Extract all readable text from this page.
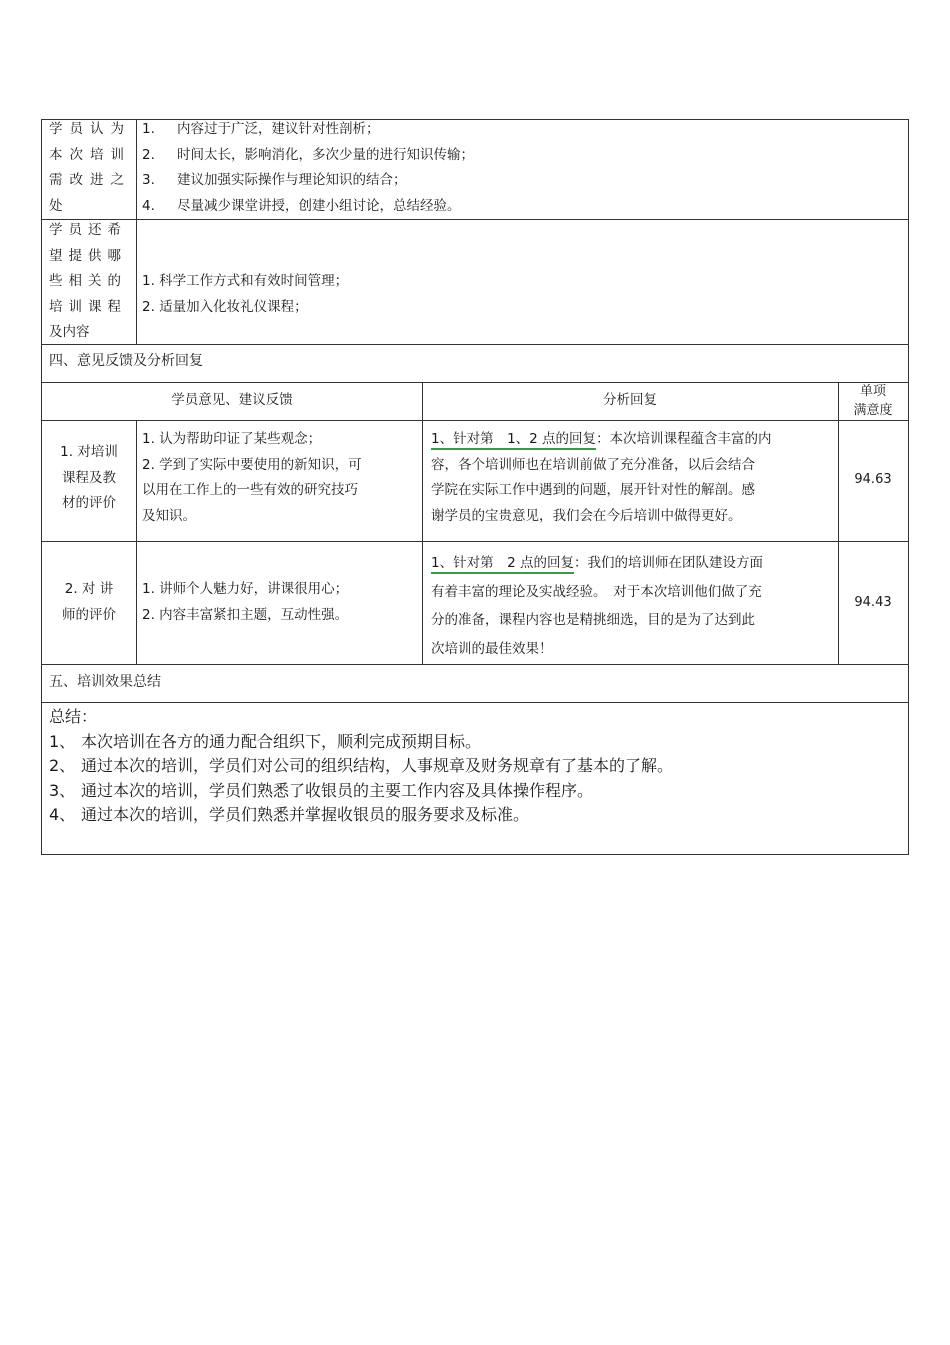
学员认为
本次培训
需改进之
处
1. 内容过于广泛，建议针对性剖析；
2. 时间太长，影响消化，多次少量的进行知识传输；
3. 建议加强实际操作与理论知识的结合；
4. 尽量减少课堂讲授，创建小组讨论，总结经验。
学员还希
望提供哪
些相关的
培训课程
及内容
1. 科学工作方式和有效时间管理；
2. 适量加入化妆礼仪课程；
四、意见反馈及分析回复
学员意见、建议反馈	分析回复
单项
满意度
1. 对培训
课程及教
材的评价
1. 认为帮助印证了某些观念；
2. 学到了实际中要使用的新知识，可
以用在工作上的一些有效的研究技巧
及知识。
1、针对第　1、2 点的回复：本次培训课程蕴含丰富的内
容，各个培训师也在培训前做了充分准备，以后会结合
学院在实际工作中遇到的问题，展开针对性的解剖。感
谢学员的宝贵意见，我们会在今后培训中做得更好。
94.63
2. 对 讲
师的评价
1. 讲师个人魅力好，讲课很用心；
2. 内容丰富紧扣主题，互动性强。
1、针对第　2 点的回复：我们的培训师在团队建设方面
有着丰富的理论及实战经验。　对于本次培训他们做了充
分的准备，课程内容也是精挑细选，目的是为了达到此
次培训的最佳效果！
94.43
五、培训效果总结
总结：
1、 本次培训在各方的通力配合组织下，顺利完成预期目标。
2、 通过本次的培训，学员们对公司的组织结构，人事规章及财务规章有了基本的了解。
3、 通过本次的培训，学员们熟悉了收银员的主要工作内容及具体操作程序。
4、 通过本次的培训，学员们熟悉并掌握收银员的服务要求及标准。
